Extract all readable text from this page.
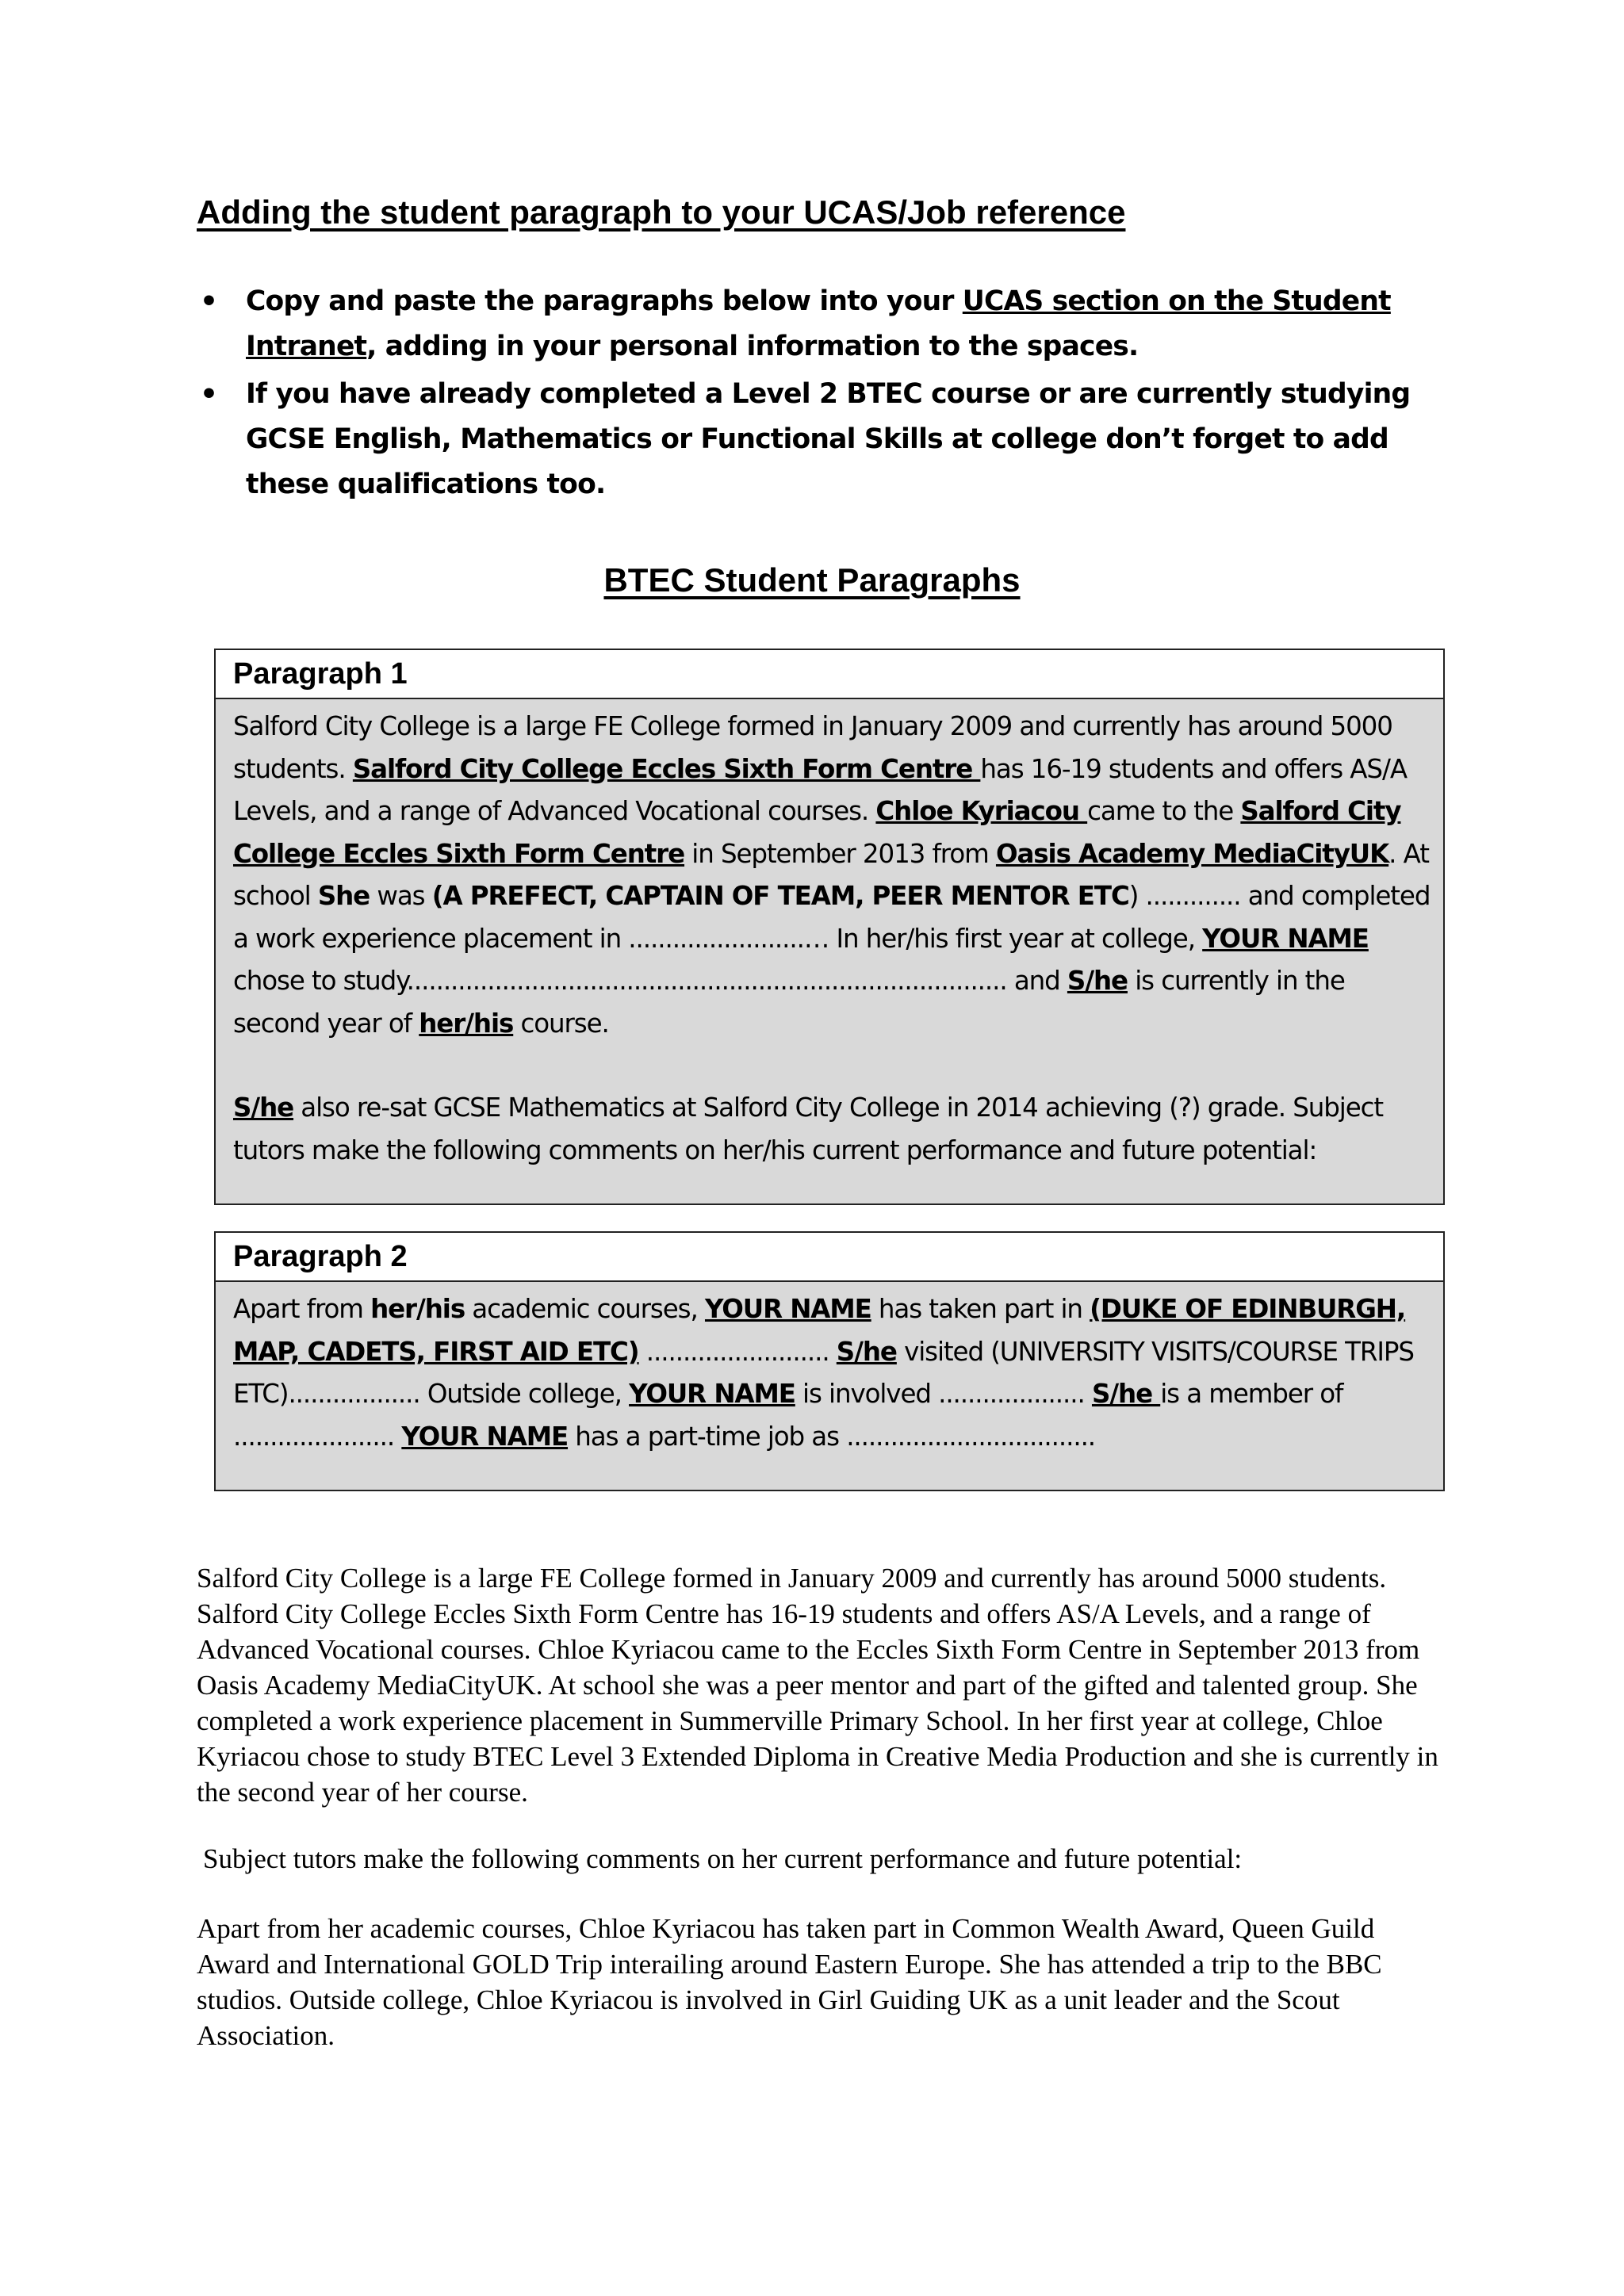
Adding the student paragraph to your UCAS/Job reference
• Copy and paste the paragraphs below into your UCAS section on the Student Intranet, adding in your personal information to the spaces.
• If you have already completed a Level 2 BTEC course or are currently studying GCSE English, Mathematics or Functional Skills at college don’t forget to add these qualifications too.
BTEC Student Paragraphs
Paragraph 1
Salford City College is a large FE College formed in January 2009 and currently has around 5000 students. Salford City College Eccles Sixth Form Centre has 16-19 students and offers AS/A Levels, and a range of Advanced Vocational courses. Chloe Kyriacou came to the Salford City College Eccles Sixth Form Centre in September 2013 from Oasis Academy MediaCityUK. At school She was (A PREFECT, CAPTAIN OF TEAM, PEER MENTOR ETC) ............. and completed a work experience placement in ........................… In her/his first year at college, YOUR NAME chose to study.................................................................................. and S/he is currently in the second year of her/his course.
S/he also re-sat GCSE Mathematics at Salford City College in 2014 achieving (?) grade. Subject tutors make the following comments on her/his current performance and future potential:
Paragraph 2
Apart from her/his academic courses, YOUR NAME has taken part in (DUKE OF EDINBURGH, MAP, CADETS, FIRST AID ETC) ......................... S/he visited (UNIVERSITY VISITS/COURSE TRIPS ETC).................. Outside college, YOUR NAME is involved .................... S/he is a member of ...................... YOUR NAME has a part-time job as ..................................

Salford City College is a large FE College formed in January 2009 and currently has around 5000 students. Salford City College Eccles Sixth Form Centre has 16-19 students and offers AS/A Levels, and a range of Advanced Vocational courses. Chloe Kyriacou came to the Eccles Sixth Form Centre in September 2013 from Oasis Academy MediaCityUK. At school she was a peer mentor and part of the gifted and talented group. She completed a work experience placement in Summerville Primary School. In her first year at college, Chloe Kyriacou chose to study BTEC Level 3 Extended Diploma in Creative Media Production and she is currently in the second year of her course.

Subject tutors make the following comments on her current performance and future potential:

Apart from her academic courses, Chloe Kyriacou has taken part in Common Wealth Award, Queen Guild Award and International GOLD Trip interailing around Eastern Europe. She has attended a trip to the BBC studios. Outside college, Chloe Kyriacou is involved in Girl Guiding UK as a unit leader and the Scout Association.
